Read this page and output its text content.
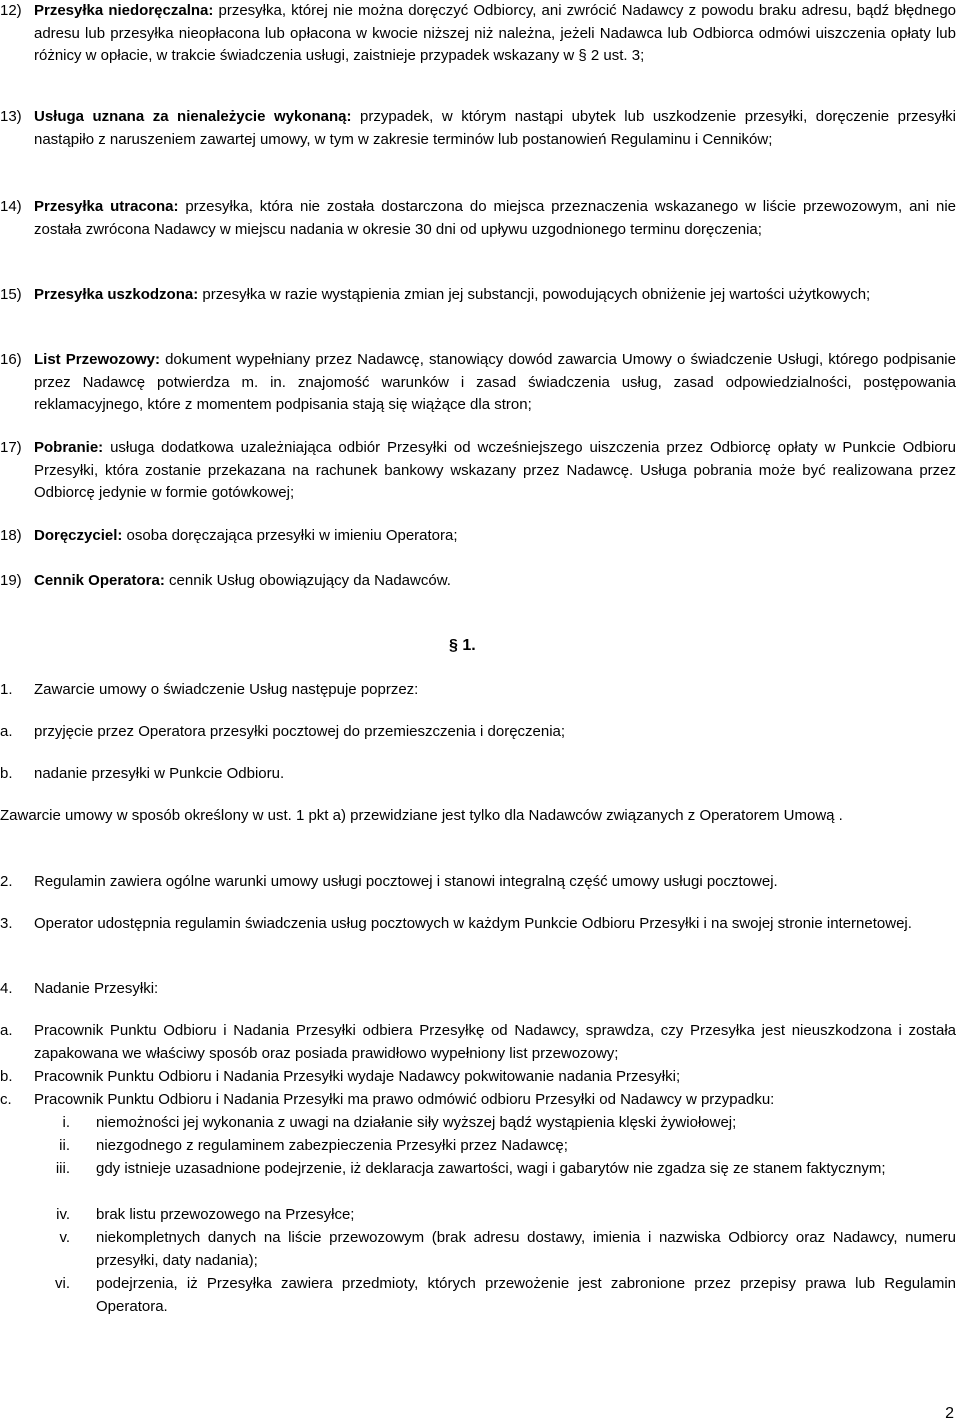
12) Przesyłka niedoręczalna: przesyłka, której nie można doręczyć Odbiorcy, ani zwrócić Nadawcy z powodu braku adresu, bądź błędnego adresu lub przesyłka nieopłacona lub opłacona w kwocie niższej niż należna, jeżeli Nadawca lub Odbiorca odmówi uiszczenia opłaty lub różnicy w opłacie, w trakcie świadczenia usługi, zaistnieje przypadek wskazany w § 2 ust. 3;

13) Usługa uznana za nienależycie wykonaną: przypadek, w którym nastąpi ubytek lub uszkodzenie przesyłki, doręczenie przesyłki nastąpiło z naruszeniem zawartej umowy, w tym w zakresie terminów lub postanowień Regulaminu i Cenników;

14) Przesyłka utracona: przesyłka, która nie została dostarczona do miejsca przeznaczenia wskazanego w liście przewozowym, ani nie została zwrócona Nadawcy w miejscu nadania w okresie 30 dni od upływu uzgodnionego terminu doręczenia;

15) Przesyłka uszkodzona: przesyłka w razie wystąpienia zmian jej substancji, powodujących obniżenie jej wartości użytkowych;

16) List Przewozowy: dokument wypełniany przez Nadawcę, stanowiący dowód zawarcia Umowy o świadczenie Usługi, którego podpisanie przez Nadawcę potwierdza m. in. znajomość warunków i zasad świadczenia usług, zasad odpowiedzialności, postępowania reklamacyjnego, które z momentem podpisania stają się wiążące dla stron;

17) Pobranie: usługa dodatkowa uzależniająca odbiór Przesyłki od wcześniejszego uiszczenia przez Odbiorcę opłaty w Punkcie Odbioru Przesyłki, która zostanie przekazana na rachunek bankowy wskazany przez Nadawcę. Usługa pobrania może być realizowana przez Odbiorcę jedynie w formie gotówkowej;

18) Doręczyciel: osoba doręczająca przesyłki w imieniu Operatora;

19) Cennik Operatora: cennik Usług obowiązujący da Nadawców.

§ 1.
1.	Zawarcie umowy o świadczenie Usług następuje poprzez:

a.	przyjęcie przez Operatora przesyłki pocztowej do przemieszczenia i doręczenia;

b.	nadanie przesyłki w Punkcie Odbioru.

Zawarcie umowy w sposób określony w ust. 1 pkt a) przewidziane jest tylko dla Nadawców związanych z Operatorem Umową .

2.	Regulamin zawiera ogólne warunki umowy usługi pocztowej i stanowi integralną część umowy usługi pocztowej.

3.	Operator udostępnia regulamin świadczenia usług pocztowych w każdym Punkcie Odbioru Przesyłki i na swojej stronie internetowej.

4.	Nadanie Przesyłki:

a.	Pracownik Punktu Odbioru i Nadania Przesyłki odbiera Przesyłkę od Nadawcy, sprawdza, czy Przesyłka jest nieuszkodzona i została zapakowana we właściwy sposób oraz posiada prawidłowo wypełniony list przewozowy;

b.	Pracownik Punktu Odbioru i Nadania Przesyłki wydaje Nadawcy pokwitowanie nadania Przesyłki;

c.	Pracownik Punktu Odbioru i Nadania Przesyłki ma prawo odmówić odbioru Przesyłki od Nadawcy w przypadku:

i. niemożności jej wykonania z uwagi na działanie siły wyższej bądź wystąpienia klęski żywiołowej;

ii. niezgodnego z regulaminem zabezpieczenia Przesyłki przez Nadawcę;

iii. gdy istnieje uzasadnione podejrzenie, iż deklaracja zawartości, wagi i gabarytów nie zgadza się ze stanem faktycznym;

iv. brak listu przewozowego na Przesyłce;

v. niekompletnych danych na liście przewozowym (brak adresu dostawy, imienia i nazwiska Odbiorcy oraz Nadawcy, numeru przesyłki, daty nadania);

vi. podejrzenia, iż Przesyłka zawiera przedmioty, których przewożenie jest zabronione przez przepisy prawa lub Regulamin Operatora.

2
